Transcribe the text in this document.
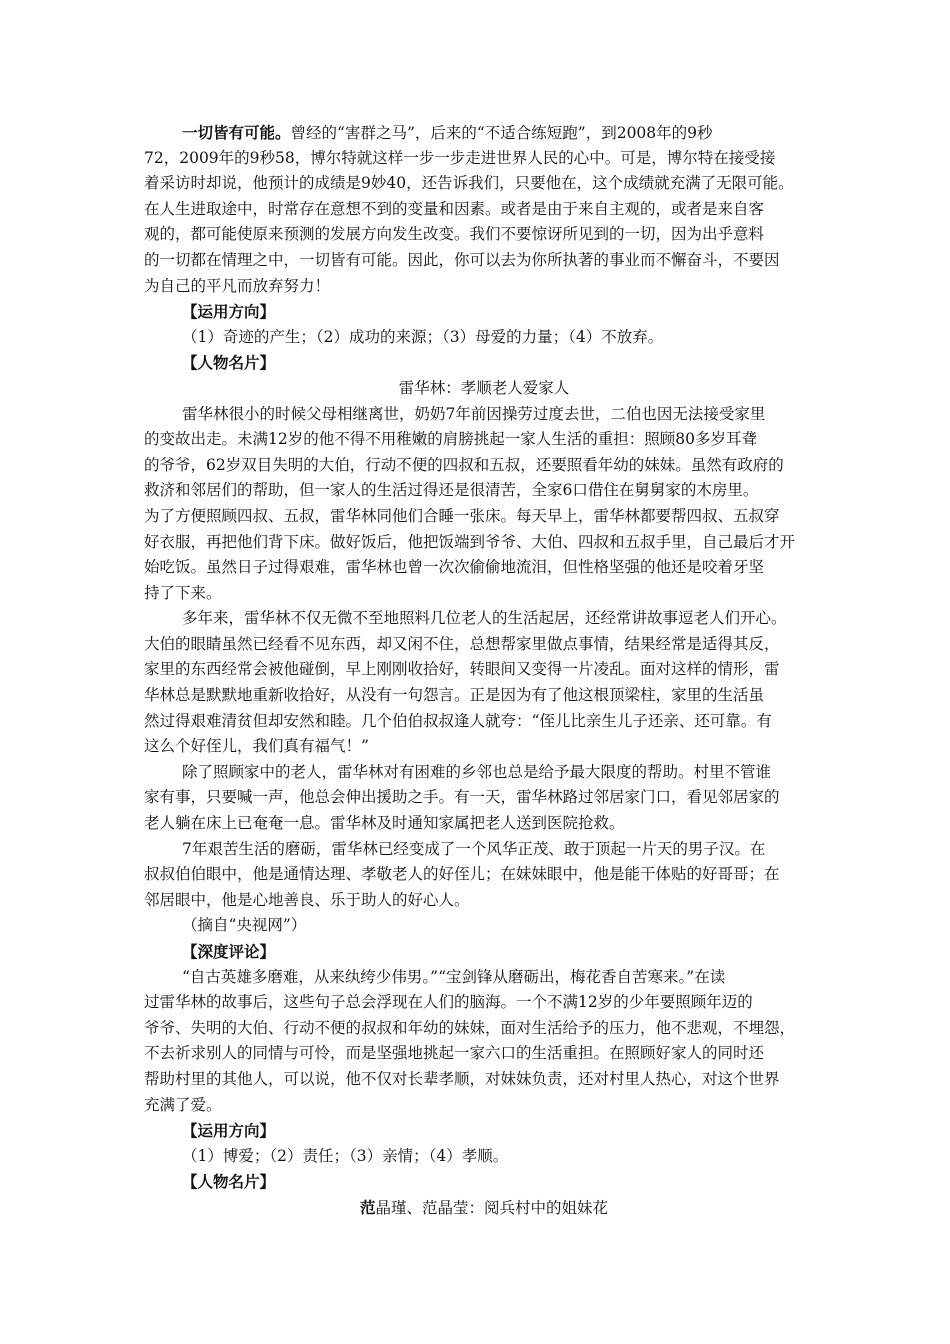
一切皆有可能。曾经的“害群之马”，后来的“不适合练短跑”，到2008年的9秒
72，2009年的9秒58，博尔特就这样一步一步走进世界人民的心中。可是，博尔特在接受接
着采访时却说，他预计的成绩是9妙40，还告诉我们，只要他在，这个成绩就充满了无限可能。
在人生进取途中，时常存在意想不到的变量和因素。或者是由于来自主观的，或者是来自客
观的，都可能使原来预测的发展方向发生改变。我们不要惊讶所见到的一切，因为出乎意料
的一切都在情理之中，一切皆有可能。因此，你可以去为你所执著的事业而不懈奋斗，不要因
为自己的平凡而放弃努力！
【运用方向】
（1）奇迹的产生；（2）成功的来源；（3）母爱的力量；（4）不放弃。
【人物名片】
雷华林：孝顺老人爱家人
雷华林很小的时候父母相继离世，奶奶7年前因操劳过度去世，二伯也因无法接受家里
的变故出走。未满12岁的他不得不用稚嫩的肩膀挑起一家人生活的重担：照顾80多岁耳聋
的爷爷，62岁双目失明的大伯，行动不便的四叔和五叔，还要照看年幼的妹妹。虽然有政府的
救济和邻居们的帮助，但一家人的生活过得还是很清苦，全家6口借住在舅舅家的木房里。
为了方便照顾四叔、五叔，雷华林同他们合睡一张床。每天早上，雷华林都要帮四叔、五叔穿
好衣服，再把他们背下床。做好饭后，他把饭端到爷爷、大伯、四叔和五叔手里，自己最后才开
始吃饭。虽然日子过得艰难，雷华林也曾一次次偷偷地流泪，但性格坚强的他还是咬着牙坚
持了下来。
多年来，雷华林不仅无微不至地照料几位老人的生活起居，还经常讲故事逗老人们开心。
大伯的眼睛虽然已经看不见东西，却又闲不住，总想帮家里做点事情，结果经常是适得其反，
家里的东西经常会被他碰倒，早上刚刚收拾好，转眼间又变得一片凌乱。面对这样的情形，雷
华林总是默默地重新收拾好，从没有一句怨言。正是因为有了他这根顶梁柱，家里的生活虽
然过得艰难清贫但却安然和睦。几个伯伯叔叔逢人就夸：“侄儿比亲生儿子还亲、还可靠。有
这么个好侄儿，我们真有福气！”
除了照顾家中的老人，雷华林对有困难的乡邻也总是给予最大限度的帮助。村里不管谁
家有事，只要喊一声，他总会伸出援助之手。有一天，雷华林路过邻居家门口，看见邻居家的
老人躺在床上已奄奄一息。雷华林及时通知家属把老人送到医院抢救。
7年艰苦生活的磨砺，雷华林已经变成了一个风华正茂、敢于顶起一片天的男子汉。在
叔叔伯伯眼中，他是通情达理、孝敬老人的好侄儿；在妹妹眼中，他是能干体贴的好哥哥；在
邻居眼中，他是心地善良、乐于助人的好心人。
（摘自“央视网”）
【深度评论】
“自古英雄多磨难，从来纨绔少伟男。”“宝剑锋从磨砺出，梅花香自苦寒来。”在读
过雷华林的故事后，这些句子总会浮现在人们的脑海。一个不满12岁的少年要照顾年迈的
爷爷、失明的大伯、行动不便的叔叔和年幼的妹妹，面对生活给予的压力，他不悲观，不埋怨，
不去祈求别人的同情与可怜，而是坚强地挑起一家六口的生活重担。在照顾好家人的同时还
帮助村里的其他人，可以说，他不仅对长辈孝顺，对妹妹负责，还对村里人热心，对这个世界
充满了爱。
【运用方向】
（1）博爱；（2）责任；（3）亲情；（4）孝顺。
【人物名片】
范晶瑾、范晶莹：阅兵村中的姐妹花
